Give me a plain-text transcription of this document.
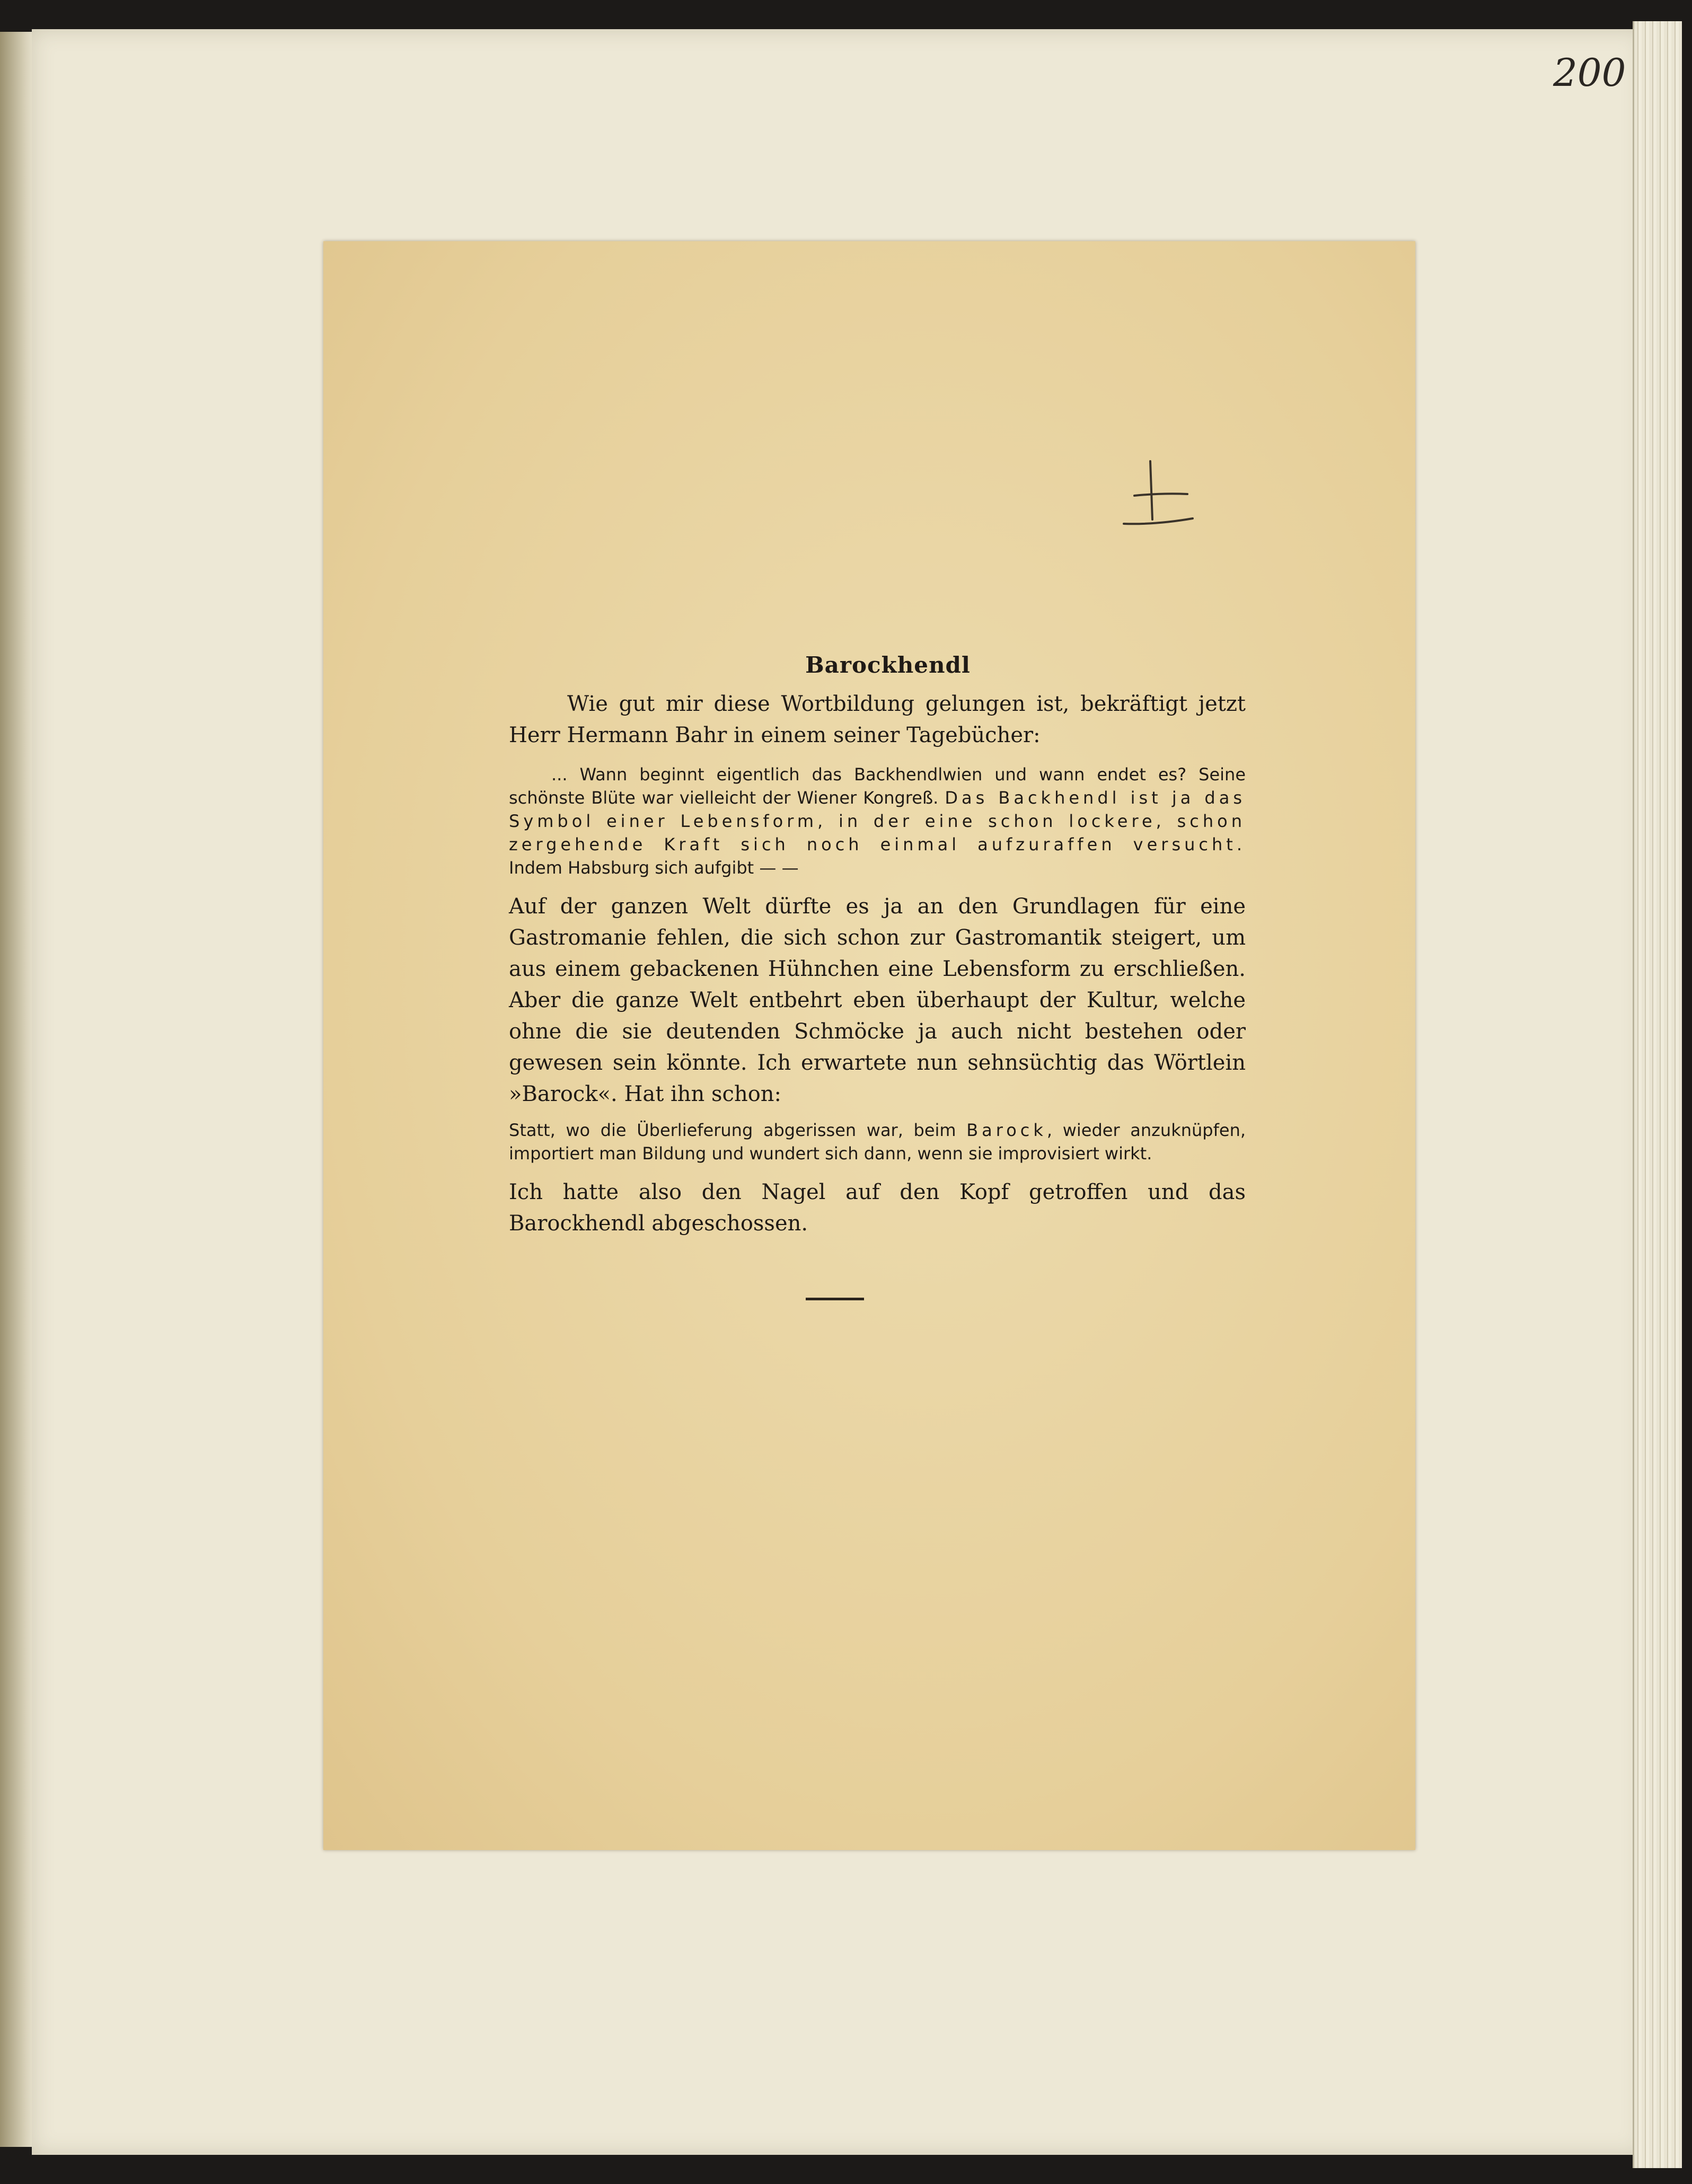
200
Barockhendl

Wie gut mir diese Wortbildung gelungen ist, bekräftigt jetzt Herr Hermann Bahr in einem seiner Tagebücher:

... Wann beginnt eigentlich das Backhendlwien und wann endet es? Seine schönste Blüte war vielleicht der Wiener Kongreß. Das Backhendl ist ja das Symbol einer Lebensform, in der eine schon lockere, schon zergehende Kraft sich noch einmal aufzuraffen versucht. Indem Habsburg sich aufgibt — —

Auf der ganzen Welt dürfte es ja an den Grundlagen für eine Gastromanie fehlen, die sich schon zur Gastromantik steigert, um aus einem gebackenen Hühnchen eine Lebensform zu erschließen. Aber die ganze Welt entbehrt eben überhaupt der Kultur, welche ohne die sie deutenden Schmöcke ja auch nicht bestehen oder gewesen sein könnte. Ich erwartete nun sehnsüchtig das Wörtlein »Barock«. Hat ihn schon:

Statt, wo die Überlieferung abgerissen war, beim Barock, wieder anzuknüpfen, importiert man Bildung und wundert sich dann, wenn sie improvisiert wirkt.

Ich hatte also den Nagel auf den Kopf getroffen und das Barockhendl abgeschossen.
